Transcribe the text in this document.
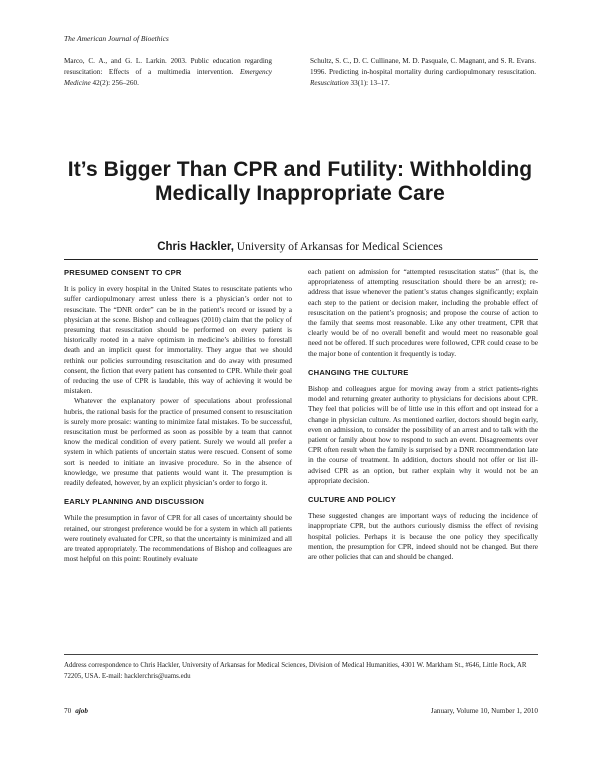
The American Journal of Bioethics
Marco, C. A., and G. L. Larkin. 2003. Public education regarding resuscitation: Effects of a multimedia intervention. Emergency Medicine 42(2): 256–260.
Schultz, S. C., D. C. Cullinane, M. D. Pasquale, C. Magnant, and S. R. Evans. 1996. Predicting in-hospital mortality during cardiopulmonary resuscitation. Resuscitation 33(1): 13–17.
It’s Bigger Than CPR and Futility: Withholding Medically Inappropriate Care
Chris Hackler, University of Arkansas for Medical Sciences
PRESUMED CONSENT TO CPR

It is policy in every hospital in the United States to resuscitate patients who suffer cardiopulmonary arrest unless there is a physician’s order not to resuscitate. The “DNR order” can be in the patient’s record or issued by a physician at the scene. Bishop and colleagues (2010) claim that the policy of presuming that resuscitation should be performed on every patient is historically rooted in a naive optimism in medicine’s abilities to forestall death and an implicit quest for immortality. They argue that we should rethink our policies surrounding resuscitation and do away with presumed consent, the fiction that every patient has consented to CPR. While their goal of reducing the use of CPR is laudable, this way of achieving it would be mistaken.

Whatever the explanatory power of speculations about professional hubris, the rational basis for the practice of presumed consent to resuscitation is surely more prosaic: wanting to minimize fatal mistakes. To be successful, resuscitation must be performed as soon as possible by a team that cannot know the medical condition of every patient. Surely we would all prefer a system in which patients of uncertain status were rescued. Consent of some sort is needed to initiate an invasive procedure. So in the absence of knowledge, we presume that patients would want it. The presumption is readily defeated, however, by an explicit physician’s order to forgo it.

EARLY PLANNING AND DISCUSSION

While the presumption in favor of CPR for all cases of uncertainty should be retained, our strongest preference would be for a system in which all patients were routinely evaluated for CPR, so that the uncertainty is minimized and all are treated appropriately. The recommendations of Bishop and colleagues are most helpful on this point: Routinely evaluate

each patient on admission for “attempted resuscitation status” (that is, the appropriateness of attempting resuscitation should there be an arrest); re-address that issue whenever the patient’s status changes significantly; explain each step to the patient or decision maker, including the probable effect of resuscitation on the patient’s prognosis; and propose the course of action to the family that seems most reasonable. Like any other treatment, CPR that clearly would be of no overall benefit and would meet no reasonable goal need not be offered. If such procedures were followed, CPR could cease to be the major bone of contention it frequently is today.

CHANGING THE CULTURE

Bishop and colleagues argue for moving away from a strict patients-rights model and returning greater authority to physicians for decisions about CPR. They feel that policies will be of little use in this effort and opt instead for a change in physician culture. As mentioned earlier, doctors should begin early, even on admission, to consider the possibility of an arrest and to talk with the patient or family about how to respond to such an event. Disagreements over CPR often result when the family is surprised by a DNR recommendation late in the course of treatment. In addition, doctors should not offer or list ill-advised CPR as an option, but rather explain why it would not be an appropriate decision.

CULTURE AND POLICY

These suggested changes are important ways of reducing the incidence of inappropriate CPR, but the authors curiously dismiss the effect of revising hospital policies. Perhaps it is because the one policy they specifically mention, the presumption for CPR, indeed should not be changed. But there are other policies that can and should be changed.

Address correspondence to Chris Hackler, University of Arkansas for Medical Sciences, Division of Medical Humanities, 4301 W. Markham St., #646, Little Rock, AR 72205, USA. E-mail: hacklerchris@uams.edu
70 ajob	January, Volume 10, Number 1, 2010
